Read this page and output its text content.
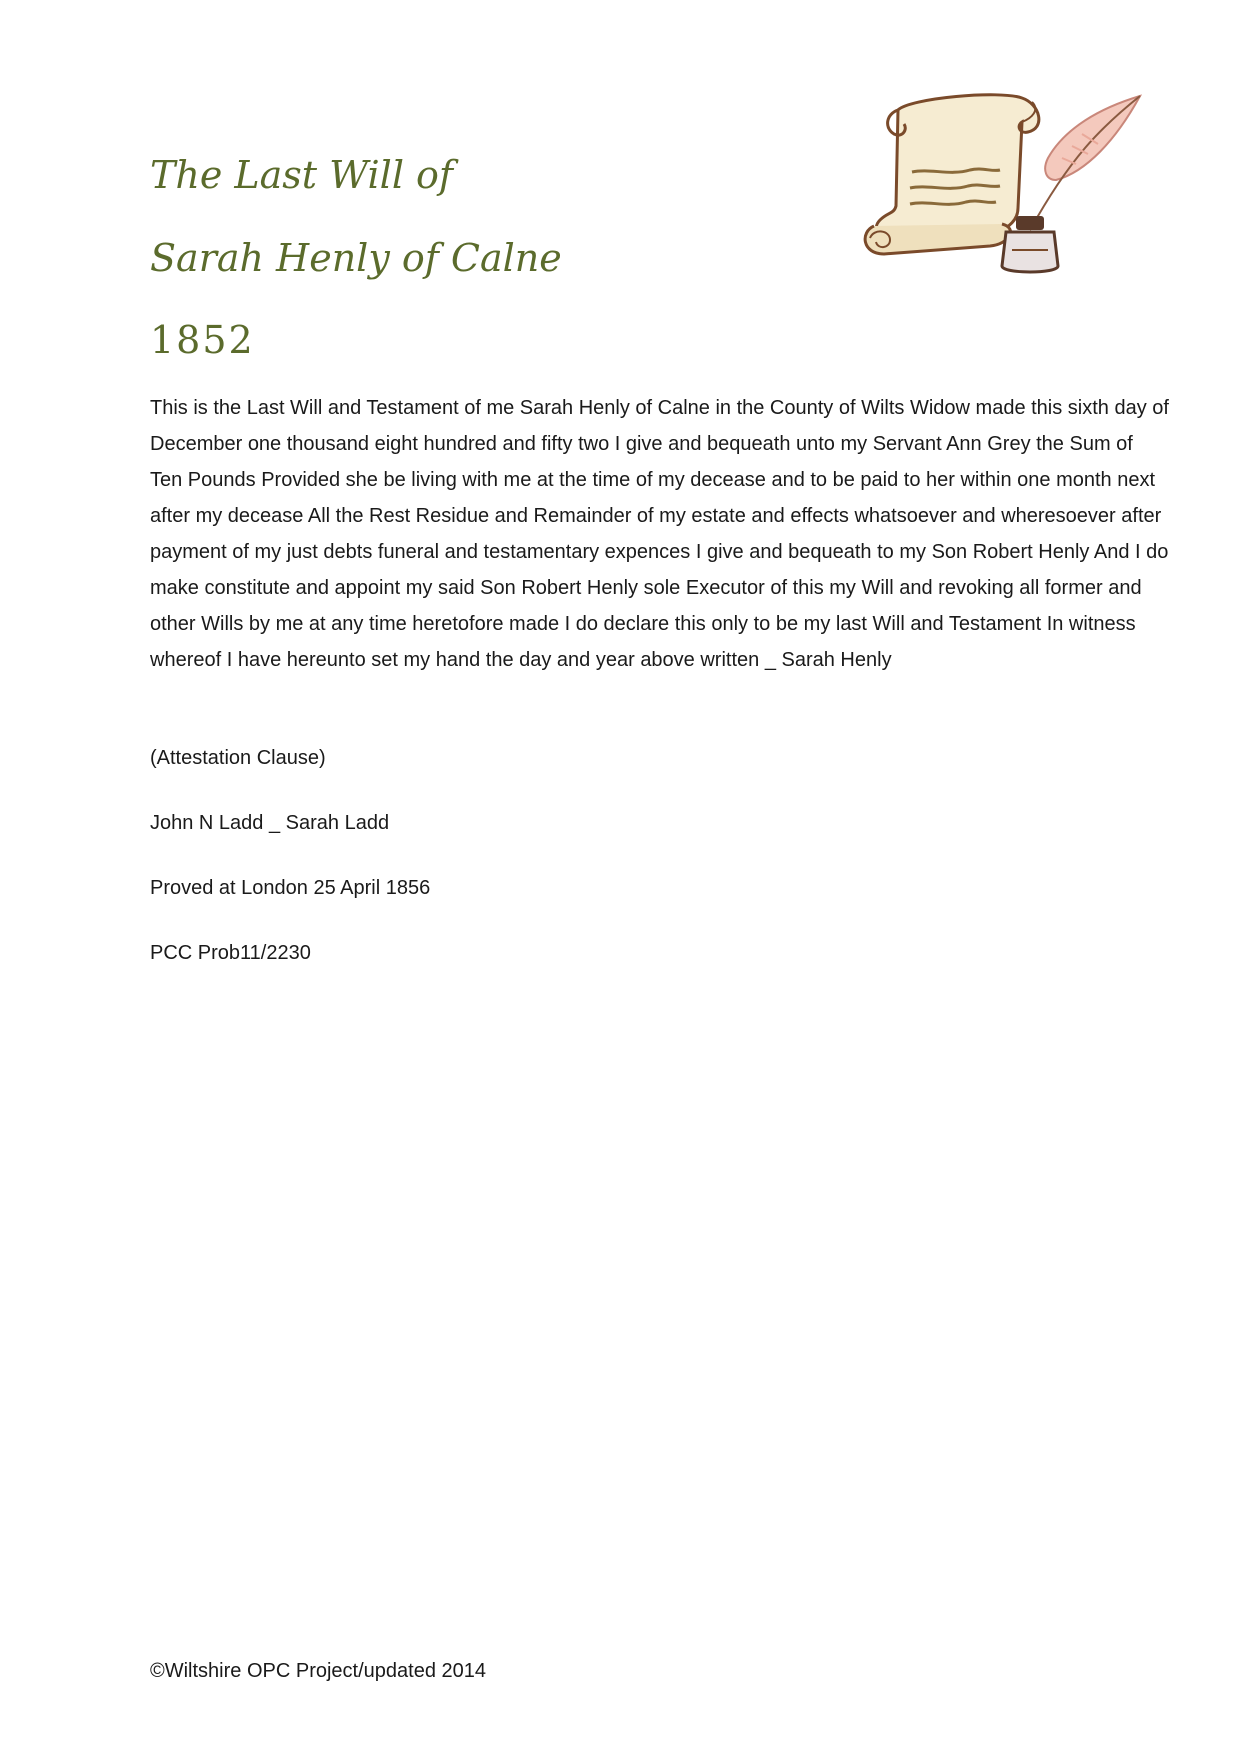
The Last Will of

Sarah Henly of Calne

1852

This is the Last Will and Testament of me Sarah Henly of Calne in the County of Wilts Widow made this sixth day of December one thousand eight hundred and fifty two I give and bequeath unto my Servant Ann Grey the Sum of Ten Pounds Provided she be living with me at the time of my decease and to be paid to her within one month next after my decease All the Rest Residue and Remainder of my estate and effects whatsoever and wheresoever after payment of my just debts funeral and testamentary expences I give and bequeath to my Son Robert Henly And I do make constitute and appoint my said Son Robert Henly sole Executor of this my Will and revoking all former and other Wills by me at any time heretofore made I do declare this only to be my last Will and Testament In witness whereof I have hereunto set my hand the day and year above written _ Sarah Henly

(Attestation Clause)

John N Ladd _ Sarah Ladd

Proved at London 25 April 1856

PCC Prob11/2230

©Wiltshire OPC Project/updated 2014
